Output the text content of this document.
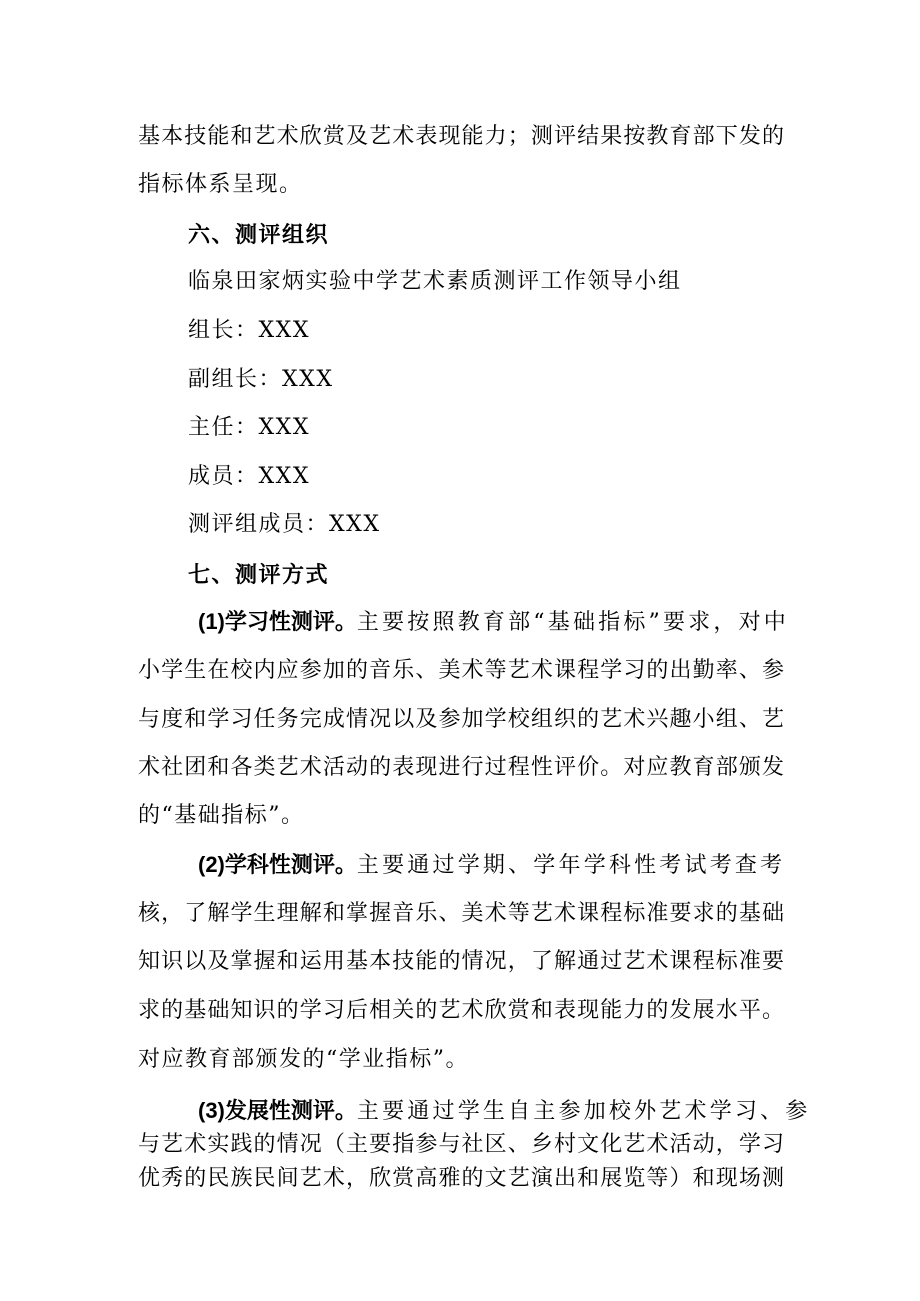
基本技能和艺术欣赏及艺术表现能力；测评结果按教育部下发的
指标体系呈现。
六、测评组织
临泉田家炳实验中学艺术素质测评工作领导小组
组长：XXX
副组长：XXX
主任：XXX
成员：XXX
测评组成员：XXX
七、测评方式
(1)学习性测评。主要按照教育部“基础指标”要求，对中
小学生在校内应参加的音乐、美术等艺术课程学习的出勤率、参
与度和学习任务完成情况以及参加学校组织的艺术兴趣小组、艺
术社团和各类艺术活动的表现进行过程性评价。对应教育部颁发
的“基础指标”。
(2)学科性测评。主要通过学期、学年学科性考试考查考
核，了解学生理解和掌握音乐、美术等艺术课程标准要求的基础
知识以及掌握和运用基本技能的情况，了解通过艺术课程标准要
求的基础知识的学习后相关的艺术欣赏和表现能力的发展水平。
对应教育部颁发的“学业指标”。
(3)发展性测评。主要通过学生自主参加校外艺术学习、参
与艺术实践的情况（主要指参与社区、乡村文化艺术活动，学习
优秀的民族民间艺术，欣赏高雅的文艺演出和展览等）和现场测
